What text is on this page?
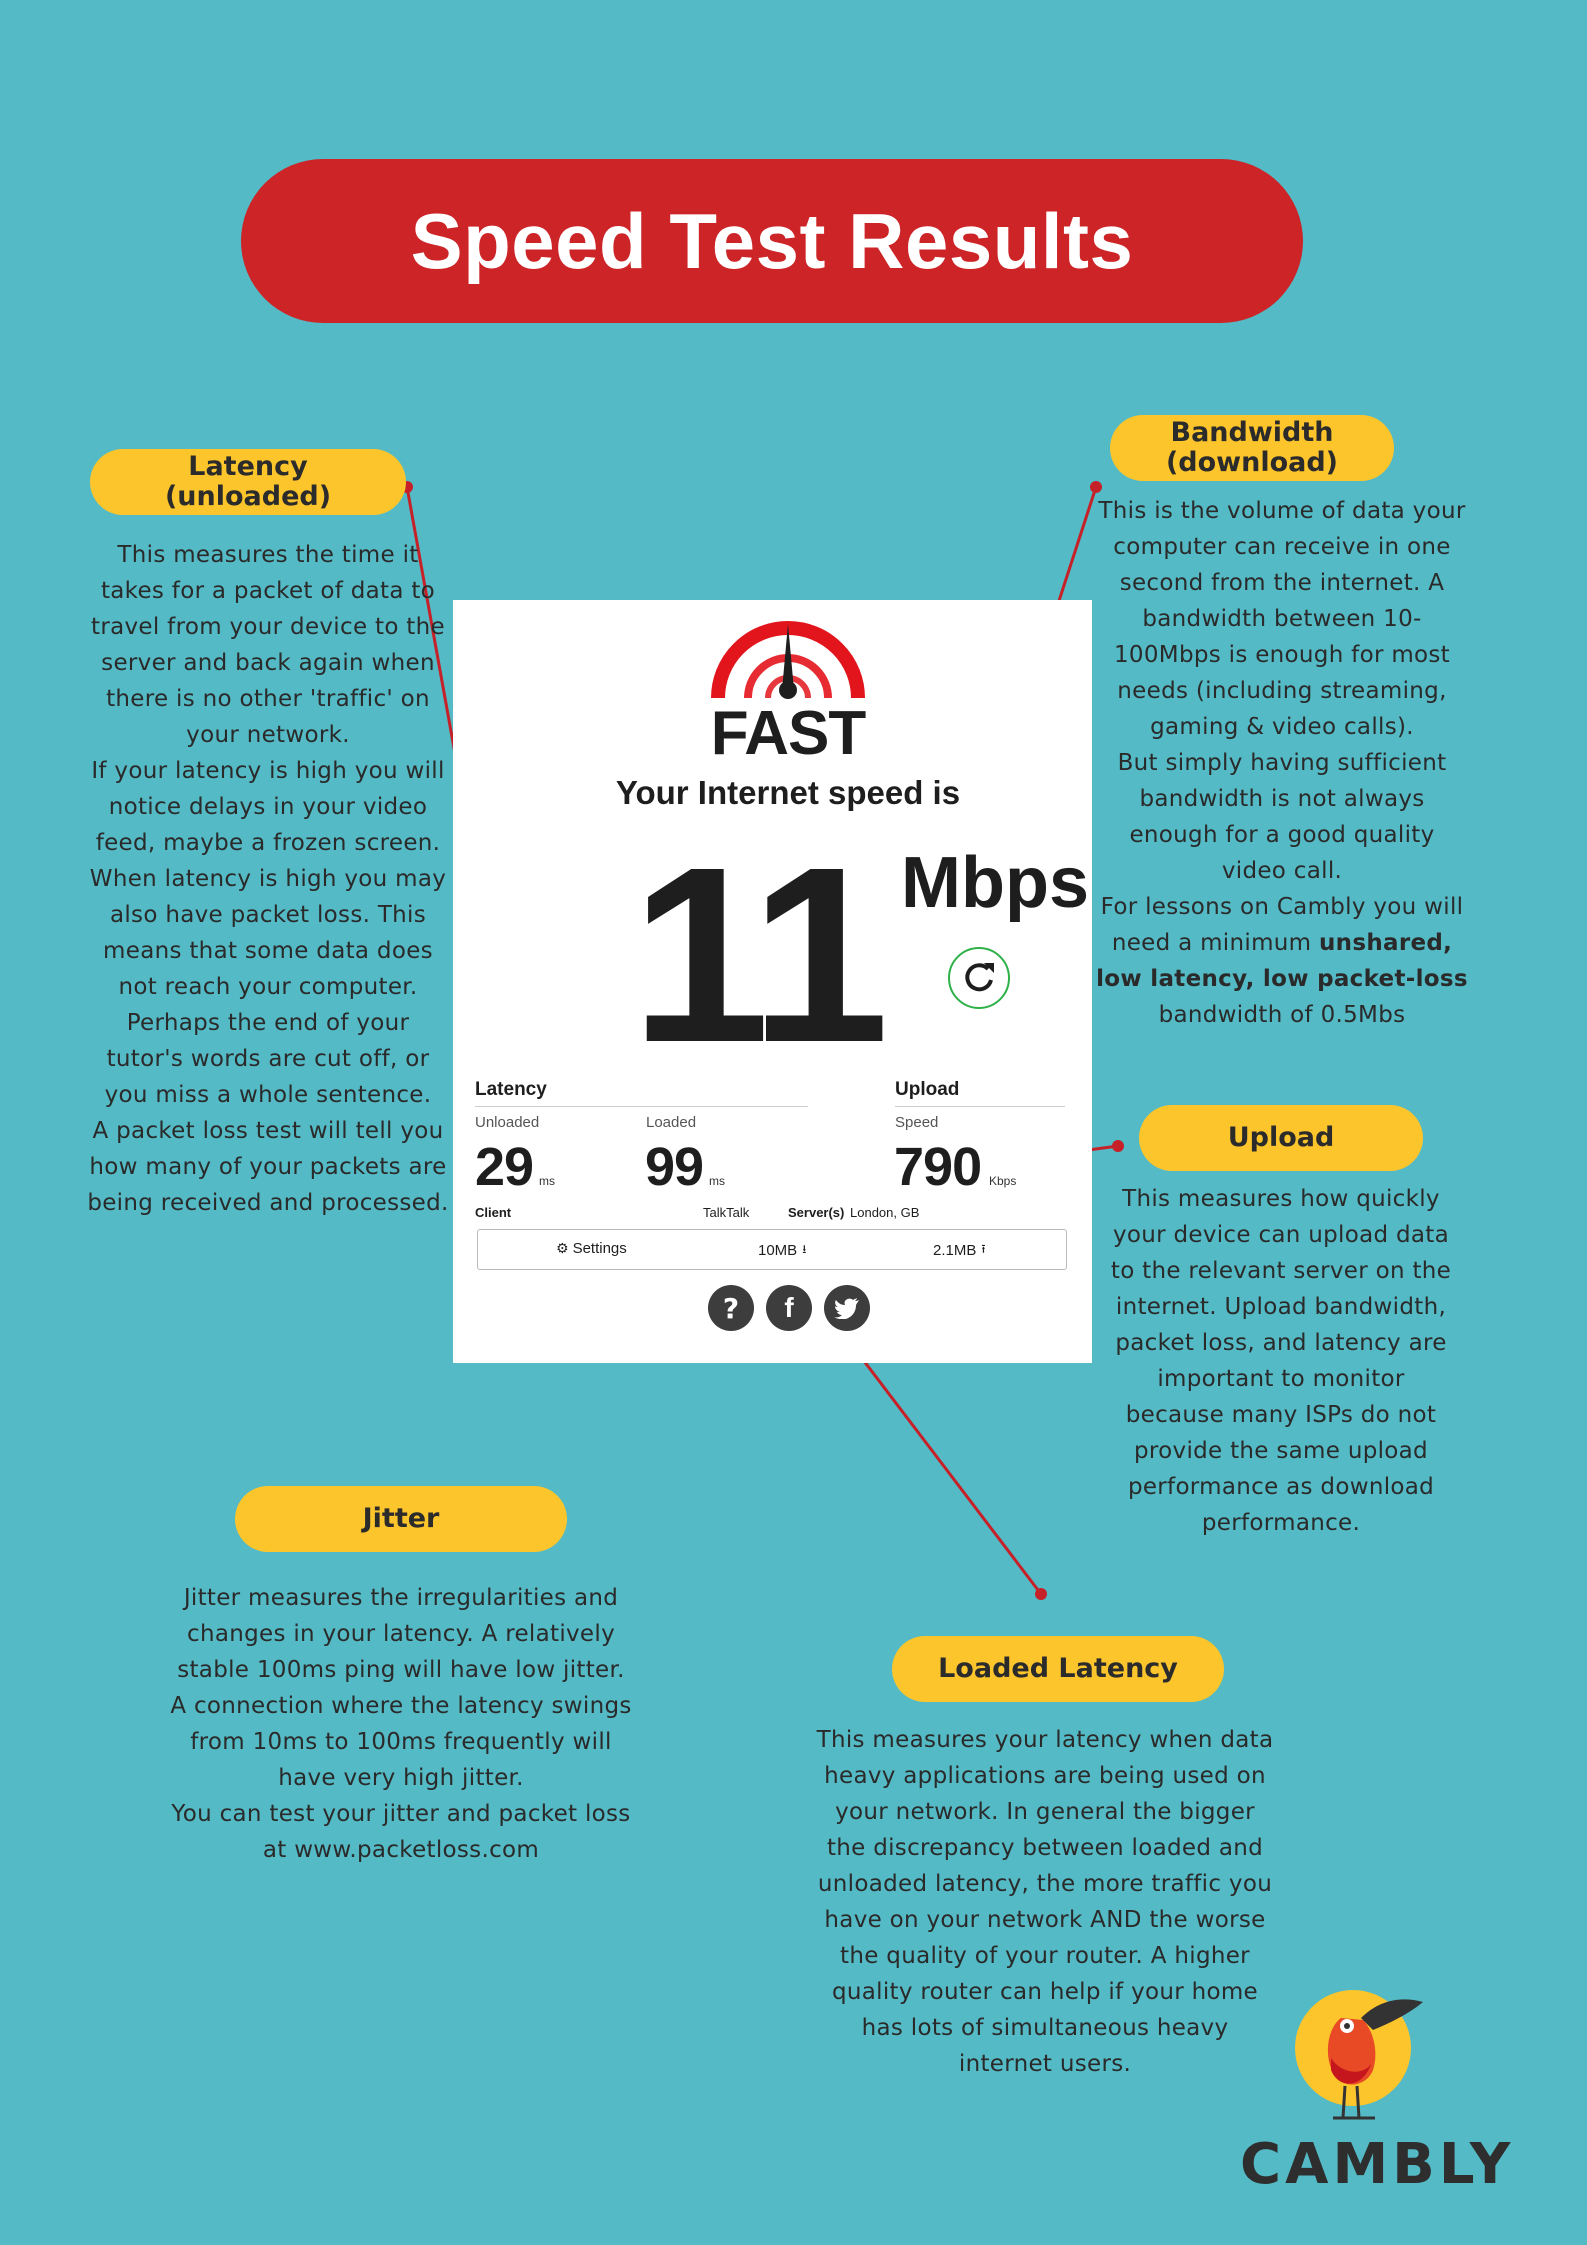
Speed Test Results
Latency (unloaded)

This measures the time it takes for a packet of data to travel from your device to the server and back again when there is no other 'traffic' on your network.

If your latency is high you will notice delays in your video feed, maybe a frozen screen. When latency is high you may also have packet loss. This means that some data does not reach your computer. Perhaps the end of your tutor's words are cut off, or you miss a whole sentence.

A packet loss test will tell you how many of your packets are being received and processed.

Bandwidth (download)

This is the volume of data your computer can receive in one second from the internet. A bandwidth between 10-100Mbps is enough for most needs (including streaming, gaming & video calls).

But simply having sufficient bandwidth is not always enough for a good quality video call.

For lessons on Cambly you will need a minimum unshared, low latency, low packet-loss bandwidth of 0.5Mbs

Upload

This measures how quickly your device can upload data to the relevant server on the internet. Upload bandwidth, packet loss, and latency are important to monitor because many ISPs do not provide the same upload performance as download performance.

Jitter

Jitter measures the irregularities and changes in your latency. A relatively stable 100ms ping will have low jitter. A connection where the latency swings from 10ms to 100ms frequently will have very high jitter.

You can test your jitter and packet loss at www.packetloss.com

Loaded Latency

This measures your latency when data heavy applications are being used on your network. In general the bigger the discrepancy between loaded and unloaded latency, the more traffic you have on your network AND the worse the quality of your router. A higher quality router can help if your home has lots of simultaneous heavy internet users.

FAST
Your Internet speed is
11 Mbps
Latency
Unloaded	Loaded
29 ms 99 ms
Upload
Speed
790 Kbps
Client	TalkTalk	Server(s) London, GB
⚙ Settings	10MB ⭳	2.1MB ⭱
? f
CAMBLY
